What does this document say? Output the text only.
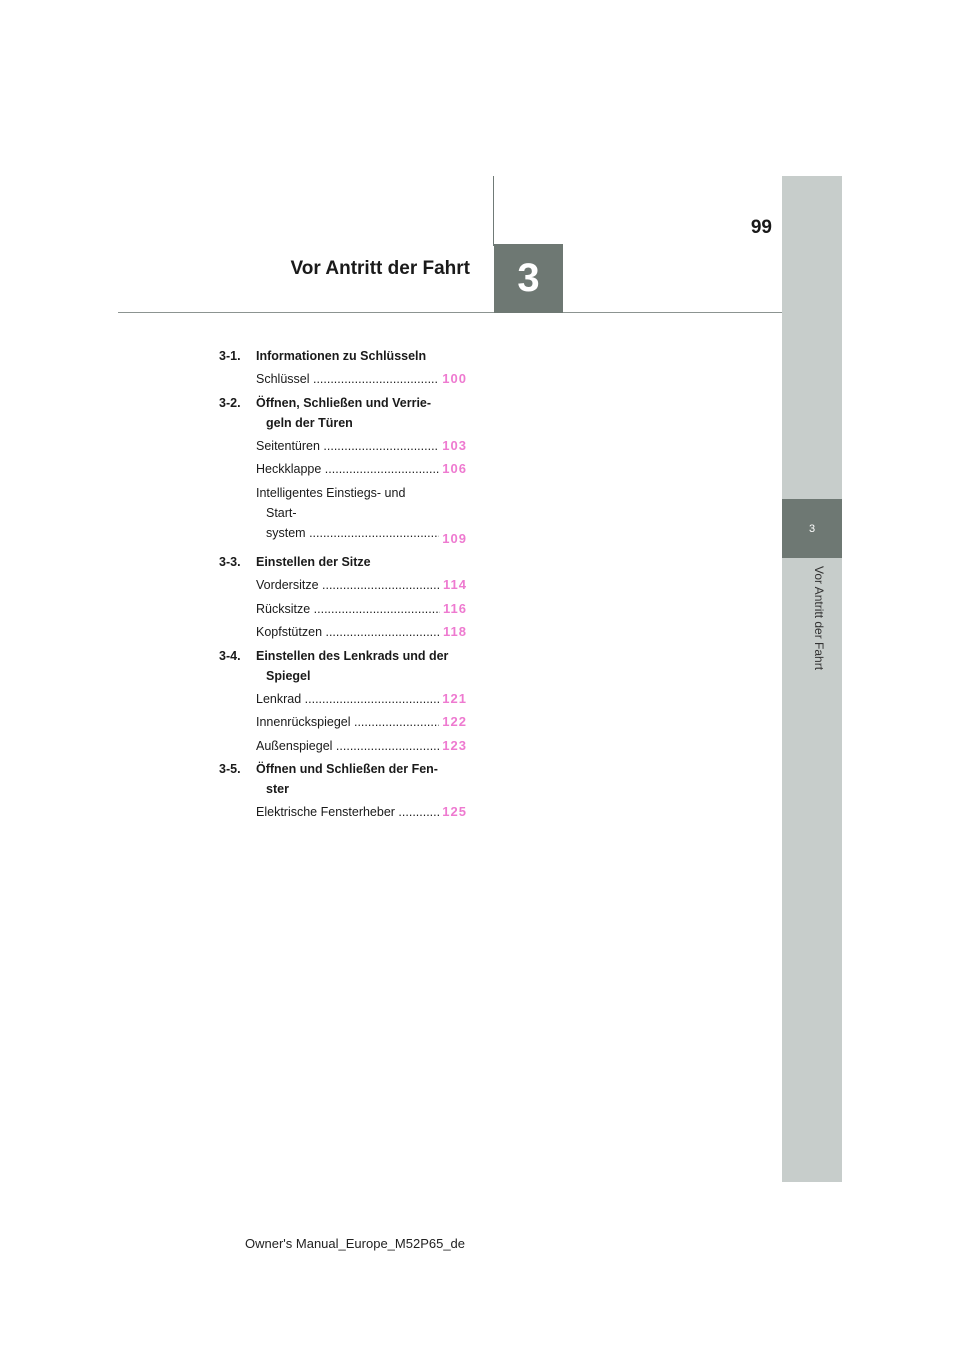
99
Vor Antritt der Fahrt	3
3
Vor Antritt der Fahrt
3-1.	Informationen zu Schlüsseln
Schlüssel .....	100
3-2.	Öffnen, Schließen und Verrie-
geln der Türen
Seitentüren .....	103
Heckklappe .....	106
Intelligentes Einstiegs- und Start-
system .....	109
3-3.	Einstellen der Sitze
Vordersitze .....	114
Rücksitze .....	116
Kopfstützen .....	118
3-4.	Einstellen des Lenkrads und der
Spiegel
Lenkrad .....	121
Innenrückspiegel .....	122
Außenspiegel .....	123
3-5.	Öffnen und Schließen der Fen-
ster
Elektrische Fensterheber .....	125
Owner's Manual_Europe_M52P65_de
